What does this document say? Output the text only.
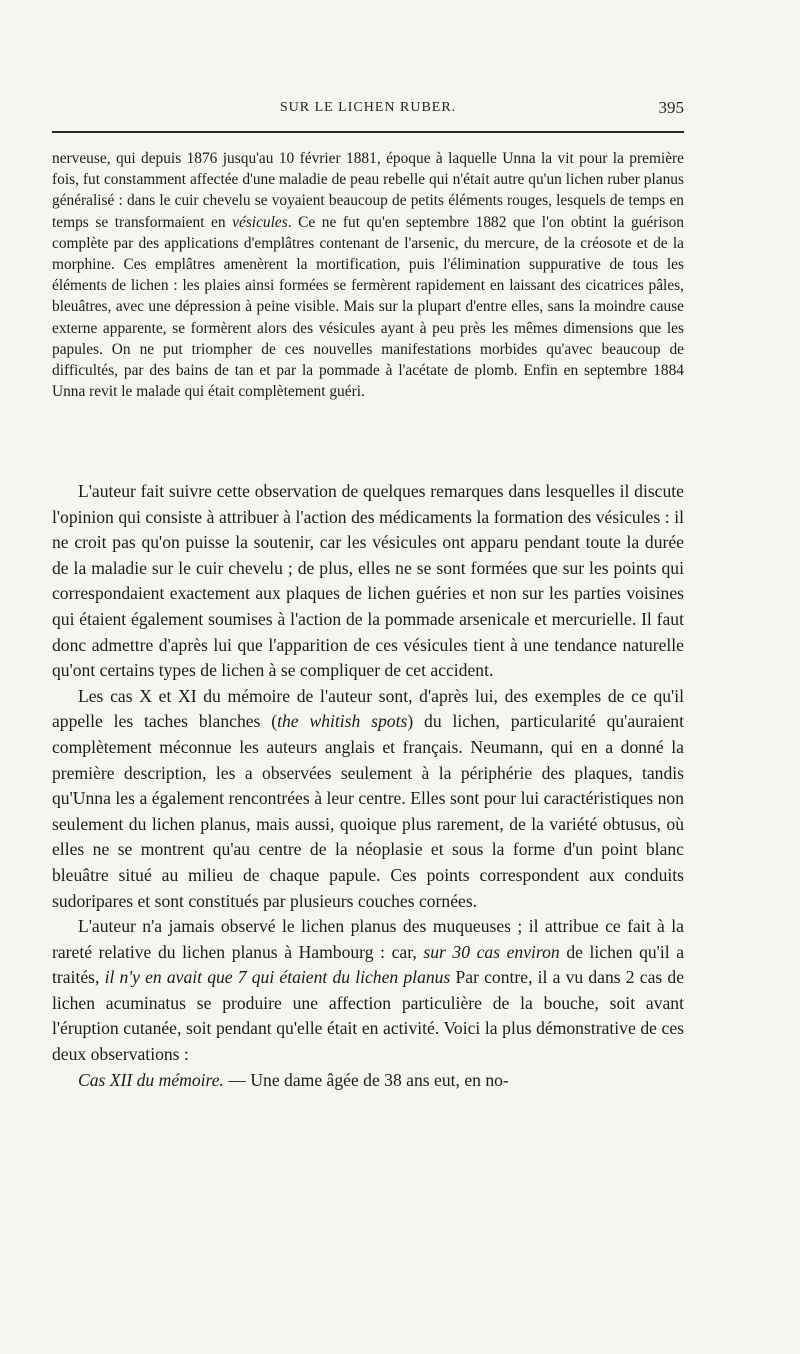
SUR LE LICHEN RUBER.	395

nerveuse, qui depuis 1876 jusqu'au 10 février 1881, époque à laquelle Unna la vit pour la première fois, fut constamment affectée d'une maladie de peau rebelle qui n'était autre qu'un lichen ruber planus généralisé : dans le cuir chevelu se voyaient beaucoup de petits éléments rouges, lesquels de temps en temps se transformaient en vésicules. Ce ne fut qu'en septembre 1882 que l'on obtint la guérison complète par des applications d'emplâtres contenant de l'arsenic, du mercure, de la créosote et de la morphine. Ces emplâtres amenèrent la mortification, puis l'élimination suppurative de tous les éléments de lichen : les plaies ainsi formées se fermèrent rapidement en laissant des cicatrices pâles, bleuâtres, avec une dépression à peine visible. Mais sur la plupart d'entre elles, sans la moindre cause externe apparente, se formèrent alors des vésicules ayant à peu près les mêmes dimensions que les papules. On ne put triompher de ces nouvelles manifestations morbides qu'avec beaucoup de difficultés, par des bains de tan et par la pommade à l'acétate de plomb. Enfin en septembre 1884 Unna revit le malade qui était complètement guéri.

L'auteur fait suivre cette observation de quelques remarques dans lesquelles il discute l'opinion qui consiste à attribuer à l'action des médicaments la formation des vésicules : il ne croit pas qu'on puisse la soutenir, car les vésicules ont apparu pendant toute la durée de la maladie sur le cuir chevelu ; de plus, elles ne se sont formées que sur les points qui correspondaient exactement aux plaques de lichen guéries et non sur les parties voisines qui étaient également soumises à l'action de la pommade arsenicale et mercurielle. Il faut donc admettre d'après lui que l'apparition de ces vésicules tient à une tendance naturelle qu'ont certains types de lichen à se compliquer de cet accident.

Les cas X et XI du mémoire de l'auteur sont, d'après lui, des exemples de ce qu'il appelle les taches blanches (the whitish spots) du lichen, particularité qu'auraient complètement méconnue les auteurs anglais et français. Neumann, qui en a donné la première description, les a observées seulement à la périphérie des plaques, tandis qu'Unna les a également rencontrées à leur centre. Elles sont pour lui caractéristiques non seulement du lichen planus, mais aussi, quoique plus rarement, de la variété obtusus, où elles ne se montrent qu'au centre de la néoplasie et sous la forme d'un point blanc bleuâtre situé au milieu de chaque papule. Ces points correspondent aux conduits sudoripares et sont constitués par plusieurs couches cornées.

L'auteur n'a jamais observé le lichen planus des muqueuses ; il attribue ce fait à la rareté relative du lichen planus à Hambourg : car, sur 30 cas environ de lichen qu'il a traités, il n'y en avait que 7 qui étaient du lichen planus Par contre, il a vu dans 2 cas de lichen acuminatus se produire une affection particulière de la bouche, soit avant l'éruption cutanée, soit pendant qu'elle était en activité. Voici la plus démonstrative de ces deux observations :

Cas XII du mémoire. — Une dame âgée de 38 ans eut, en no-
